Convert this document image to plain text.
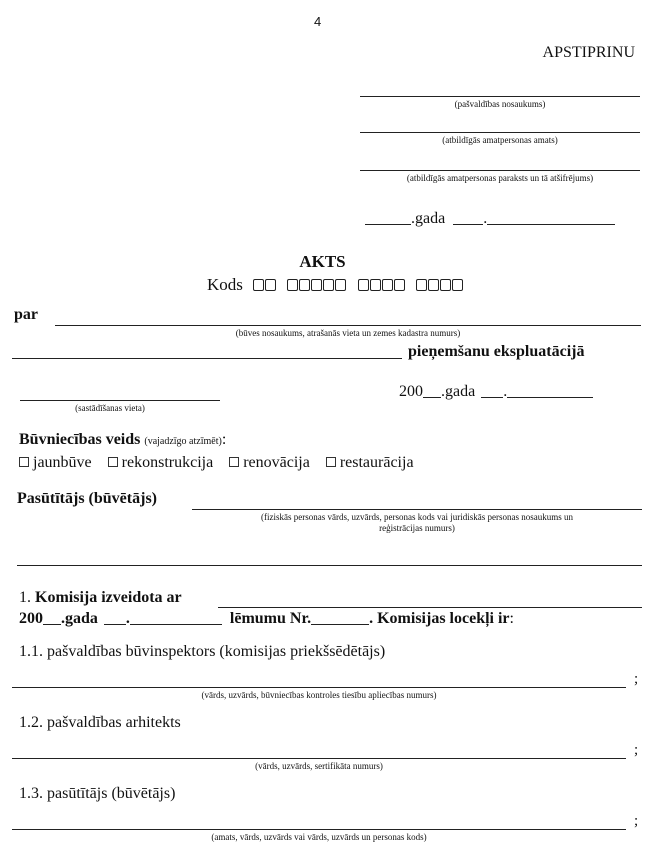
4
APSTIPRINU
(pašvaldības nosaukums)
(atbildīgās amatpersonas amats)
(atbildīgās amatpersonas paraksts un tā atšifrējums)
.gada .
AKTS
Kods
par
(būves nosaukums, atrašanās vieta un zemes kadastra numurs)
pieņemšanu ekspluatācijā
(sastādīšanas vieta)
200 .gada .
Būvniecības veids (vajadzīgo atzīmēt):
jaunbūve rekonstrukcija renovācija restaurācija
Pasūtītājs (būvētājs)
(fiziskās personas vārds, uzvārds, personas kods vai juridiskās personas nosaukums un
reģistrācijas numurs)
1. Komisija izveidota ar
200 .gada .	lēmumu Nr.	. Komisijas locekļi ir:
1.1. pašvaldības būvinspektors (komisijas priekšsēdētājs)
;
(vārds, uzvārds, būvniecības kontroles tiesību apliecības numurs)
1.2. pašvaldības arhitekts
;
(vārds, uzvārds, sertifikāta numurs)
1.3. pasūtītājs (būvētājs)
;
(amats, vārds, uzvārds vai vārds, uzvārds un personas kods)
